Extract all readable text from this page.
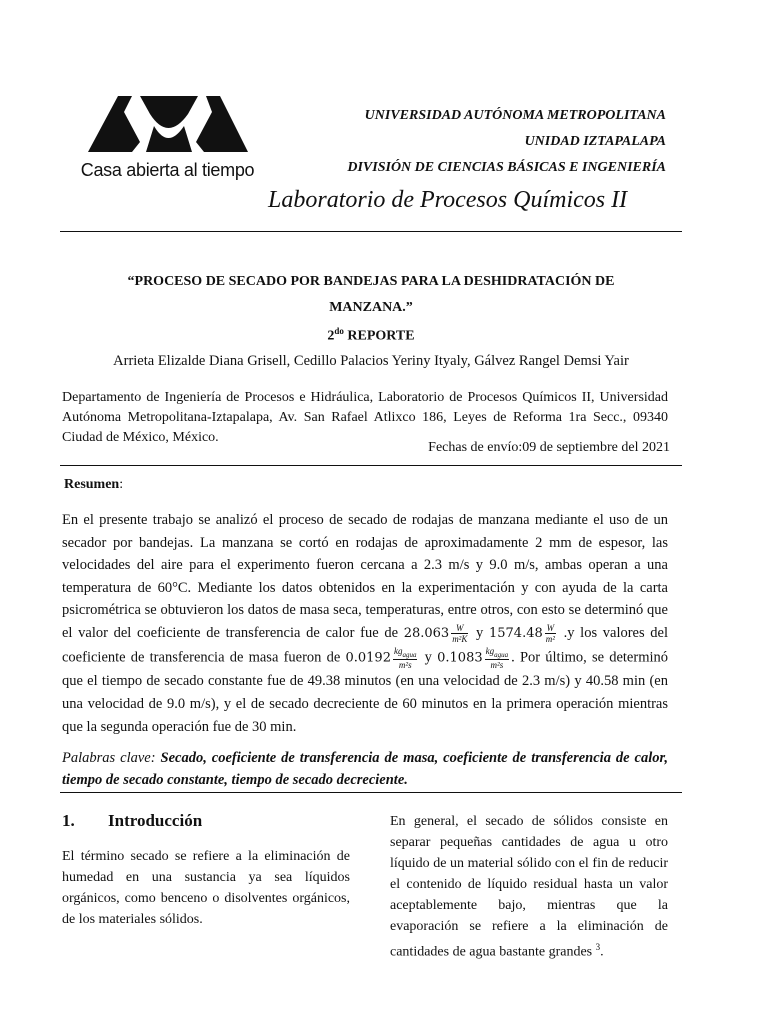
Casa abierta al tiempo
UNIVERSIDAD AUTÓNOMA METROPOLITANA
UNIDAD IZTAPALAPA
DIVISIÓN DE CIENCIAS BÁSICAS E INGENIERÍA
Laboratorio de Procesos Químicos II
“PROCESO DE SECADO POR BANDEJAS PARA LA DESHIDRATACIÓN DE
MANZANA.”
$2^{do}$ REPORTE
Arrieta Elizalde Diana Grisell, Cedillo Palacios Yeriny Ityaly, Gálvez Rangel Demsi Yair
Departamento de Ingeniería de Procesos e Hidráulica, Laboratorio de Procesos Químicos II, Universidad Autónoma Metropolitana-Iztapalapa, Av. San Rafael Atlixco 186, Leyes de Reforma 1ra Secc., 09340 Ciudad de México, México.
Fechas de envío:09 de septiembre del 2021
Resumen:

En el presente trabajo se analizó el proceso de secado de rodajas de manzana mediante el uso de un secador por bandejas. La manzana se cortó en rodajas de aproximadamente 2 mm de espesor, las velocidades del aire para el experimento fueron cercana a 2.3 m/s y 9.0 m/s, ambas operan a una temperatura de 60°C. Mediante los datos obtenidos en la experimentación y con ayuda de la carta psicrométrica se obtuvieron los datos de masa seca, temperaturas, entre otros, con esto se determinó que el valor del coeficiente de transferencia de calor fue de $28.063 \frac{W}{\text{m²K}}$ y $1574.48 \frac{W}{\text{m²}} .y$ los valores del coeficiente de transferencia de masa fueron de $0.0192 \frac{kg_{agua}}{\text{m²s}}$ y $0.1083 \frac{kg_{agua}}{\text{m²s}}$ . Por último, se determinó que el tiempo de secado constante fue de 49.38 minutos (en una velocidad de 2.3 m/s) y 40.58 min (en una velocidad de 9.0 m/s), y el de secado decreciente de 60 minutos en la primera operación mientras que la segunda operación fue de 30 min.

Palabras clave: Secado, coeficiente de transferencia de masa, coeficiente de transferencia de calor, tiempo de secado constante, tiempo de secado decreciente.
1. Introducción

El término secado se refiere a la eliminación de humedad en una sustancia ya sea líquidos orgánicos, como benceno o disolventes orgánicos, de los materiales sólidos.

En general, el secado de sólidos consiste en separar pequeñas cantidades de agua u otro líquido de un material sólido con el fin de reducir el contenido de líquido residual hasta un valor aceptablemente bajo, mientras que la evaporación se refiere a la eliminación de cantidades de agua bastante grandes $^3$.
